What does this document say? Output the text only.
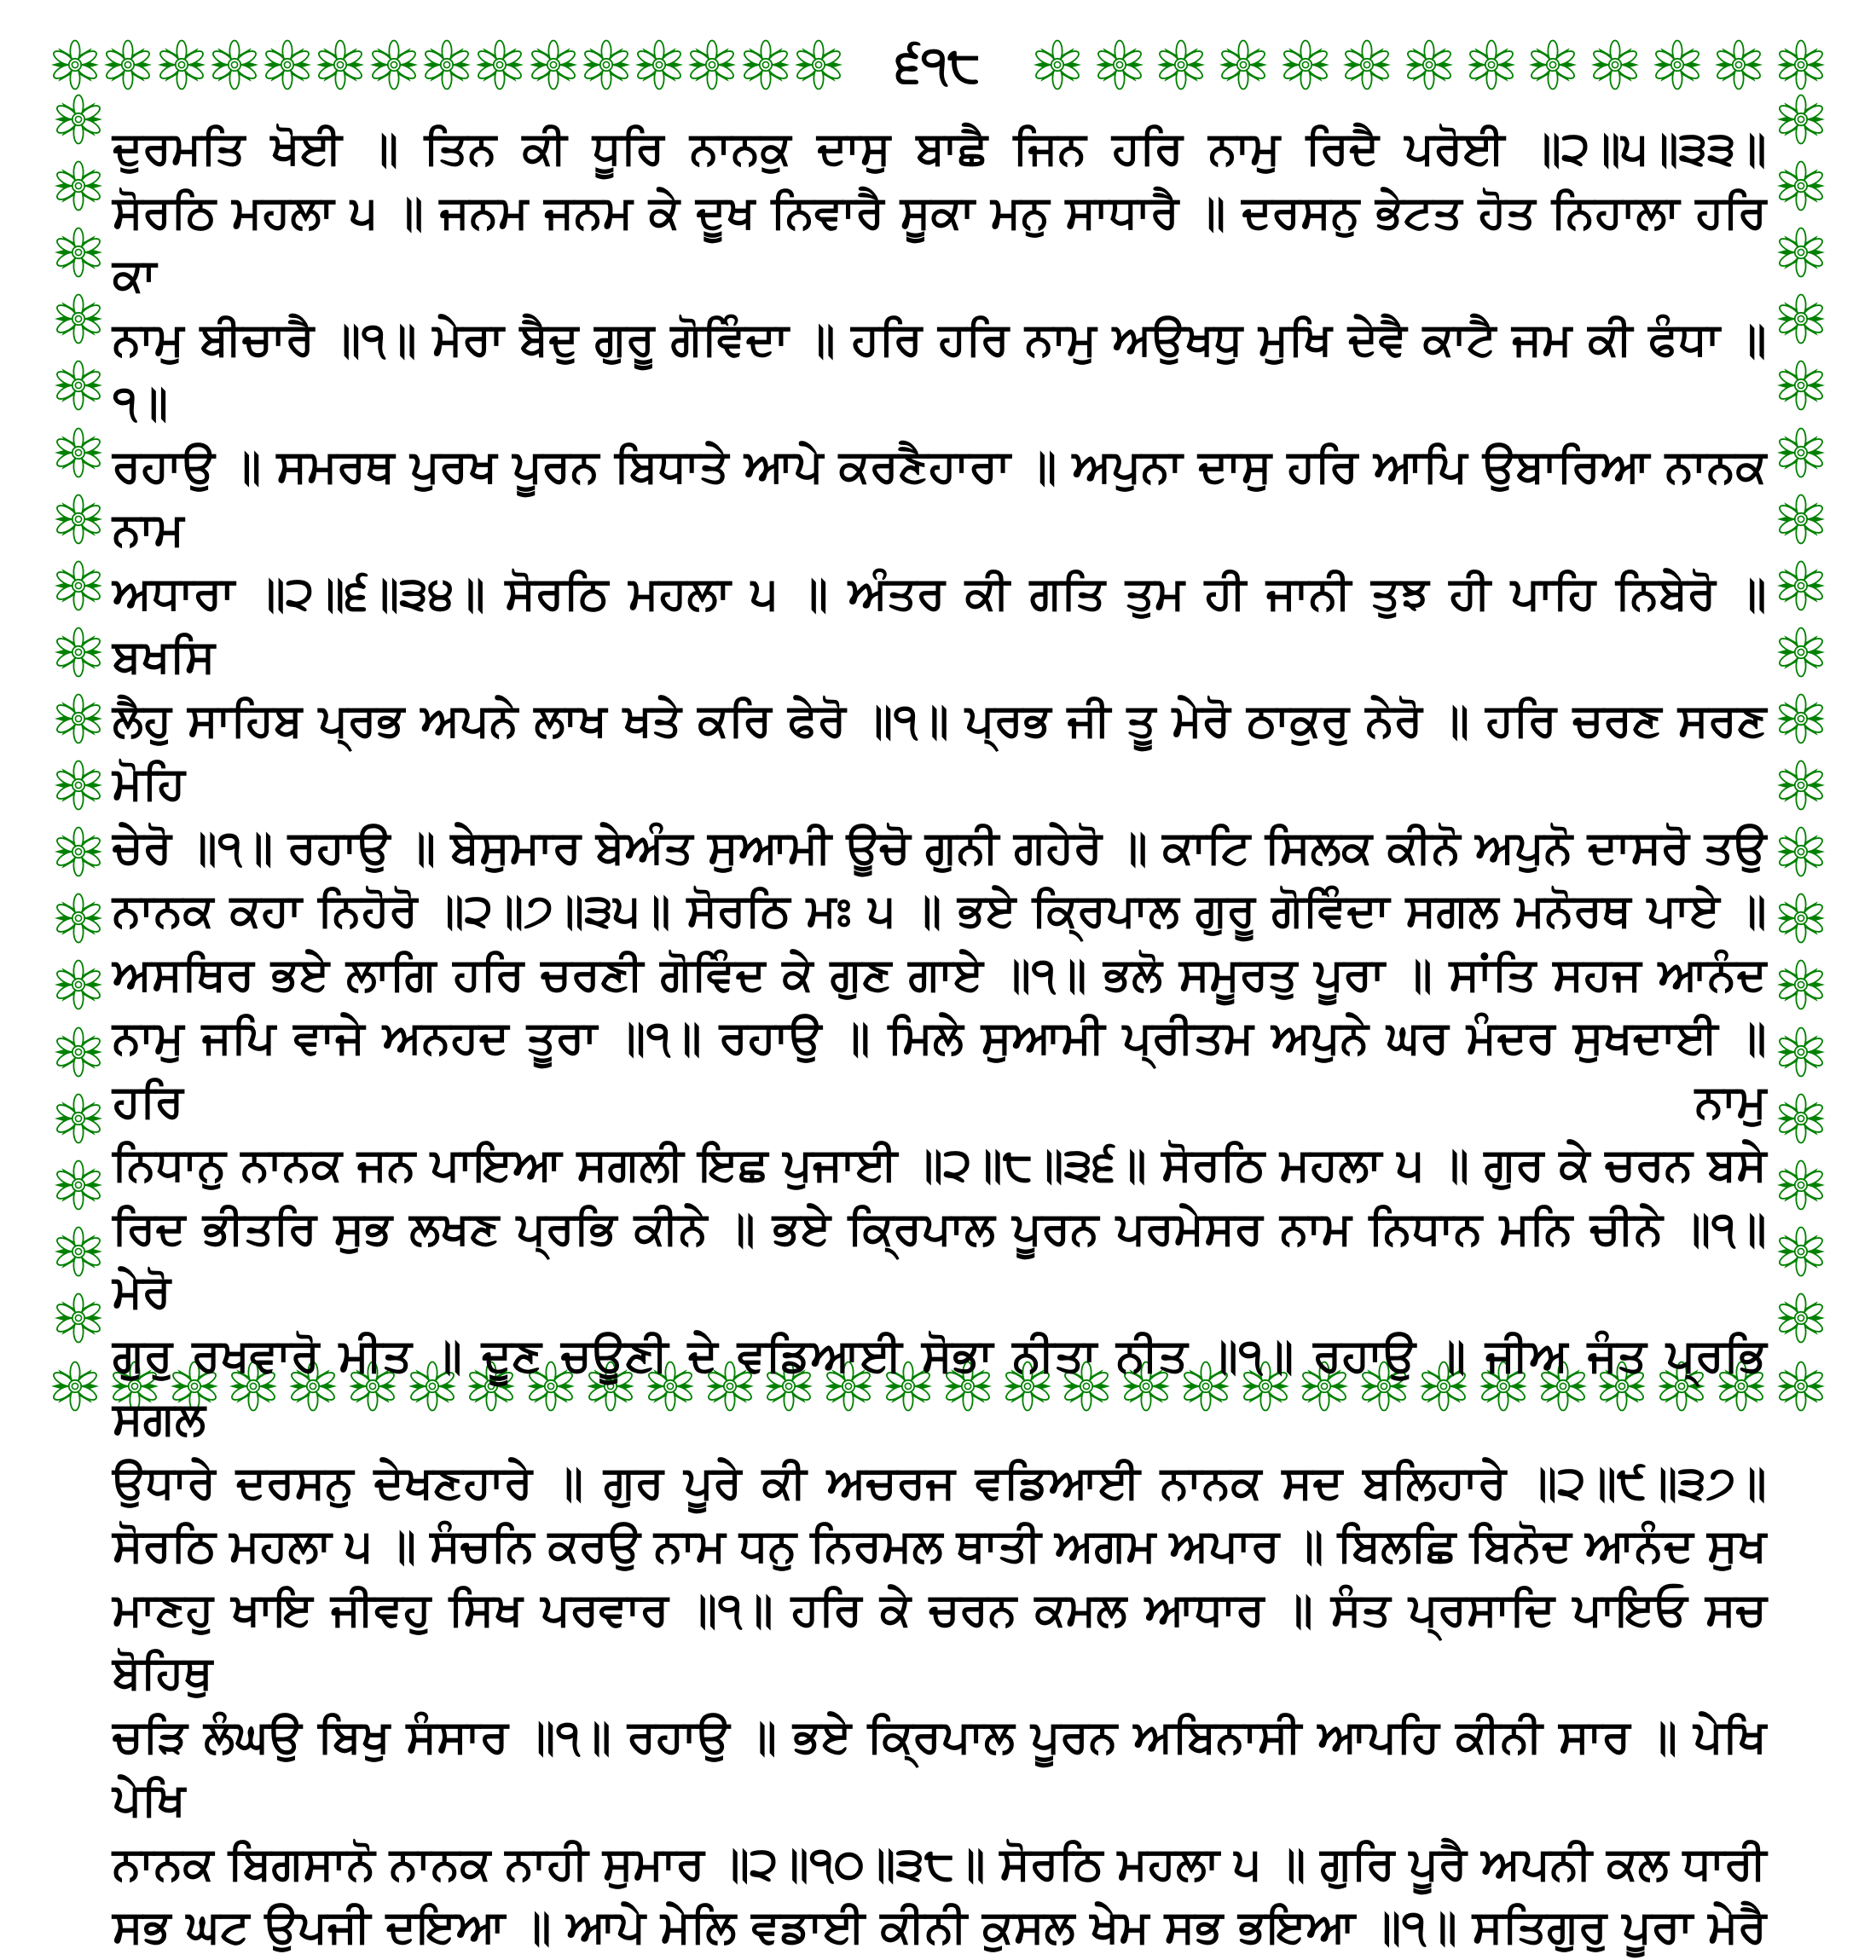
੬੧੮
ਦੁਰਮਤਿ ਖੋਈ ॥ ਤਿਨ ਕੀ ਧੂਰਿ ਨਾਨਕੁ ਦਾਸੁ ਬਾਛੈ ਜਿਨ ਹਰਿ ਨਾਮੁ ਰਿਦੈ ਪਰੋਈ ॥੨॥੫॥੩੩॥
ਸੋਰਠਿ ਮਹਲਾ ੫ ॥ ਜਨਮ ਜਨਮ ਕੇ ਦੂਖ ਨਿਵਾਰੈ ਸੂਕਾ ਮਨੁ ਸਾਧਾਰੈ ॥ ਦਰਸਨੁ ਭੇਟਤ ਹੋਤ ਨਿਹਾਲਾ ਹਰਿ ਕਾ
ਨਾਮੁ ਬੀਚਾਰੈ ॥੧॥ ਮੇਰਾ ਬੈਦੁ ਗੁਰੂ ਗੋਵਿੰਦਾ ॥ ਹਰਿ ਹਰਿ ਨਾਮੁ ਅਉਖਧੁ ਮੁਖਿ ਦੇਵੈ ਕਾਟੈ ਜਮ ਕੀ ਫੰਧਾ ॥੧॥
ਰਹਾਉ ॥ ਸਮਰਥ ਪੁਰਖ ਪੂਰਨ ਬਿਧਾਤੇ ਆਪੇ ਕਰਣੈਹਾਰਾ ॥ ਅਪੁਨਾ ਦਾਸੁ ਹਰਿ ਆਪਿ ਉਬਾਰਿਆ ਨਾਨਕ ਨਾਮ
ਅਧਾਰਾ ॥੨॥੬॥੩੪॥ ਸੋਰਠਿ ਮਹਲਾ ੫ ॥ ਅੰਤਰ ਕੀ ਗਤਿ ਤੁਮ ਹੀ ਜਾਨੀ ਤੁਝ ਹੀ ਪਾਹਿ ਨਿਬੇਰੋ ॥ ਬਖਸਿ
ਲੈਹੁ ਸਾਹਿਬ ਪ੍ਰਭ ਅਪਨੇ ਲਾਖ ਖਤੇ ਕਰਿ ਫੇਰੋ ॥੧॥ ਪ੍ਰਭ ਜੀ ਤੂ ਮੇਰੋ ਠਾਕੁਰੁ ਨੇਰੋ ॥ ਹਰਿ ਚਰਣ ਸਰਣ ਮੋਹਿ
ਚੇਰੋ ॥੧॥ ਰਹਾਉ ॥ ਬੇਸੁਮਾਰ ਬੇਅੰਤ ਸੁਆਮੀ ਊਚੋ ਗੁਨੀ ਗਹੇਰੋ ॥ ਕਾਟਿ ਸਿਲਕ ਕੀਨੋ ਅਪੁਨੋ ਦਾਸਰੋ ਤਉ
ਨਾਨਕ ਕਹਾ ਨਿਹੋਰੋ ॥੨॥੭॥੩੫॥ ਸੋਰਠਿ ਮਃ ੫ ॥ ਭਏ ਕ੍ਰਿਪਾਲ ਗੁਰੂ ਗੋਵਿੰਦਾ ਸਗਲ ਮਨੋਰਥ ਪਾਏ ॥
ਅਸਥਿਰ ਭਏ ਲਾਗਿ ਹਰਿ ਚਰਣੀ ਗੋਵਿੰਦ ਕੇ ਗੁਣ ਗਾਏ ॥੧॥ ਭਲੋ ਸਮੂਰਤੁ ਪੂਰਾ ॥ ਸਾਂਤਿ ਸਹਜ ਆਨੰਦ
ਨਾਮੁ ਜਪਿ ਵਾਜੇ ਅਨਹਦ ਤੂਰਾ ॥੧॥ ਰਹਾਉ ॥ ਮਿਲੇ ਸੁਆਮੀ ਪ੍ਰੀਤਮ ਅਪੁਨੇ ਘਰ ਮੰਦਰ ਸੁਖਦਾਈ ॥ ਹਰਿ ਨਾਮੁ
ਨਿਧਾਨੁ ਨਾਨਕ ਜਨ ਪਾਇਆ ਸਗਲੀ ਇਛ ਪੁਜਾਈ ॥੨॥੮॥੩੬॥ ਸੋਰਠਿ ਮਹਲਾ ੫ ॥ ਗੁਰ ਕੇ ਚਰਨ ਬਸੇ
ਰਿਦ ਭੀਤਰਿ ਸੁਭ ਲਖਣ ਪ੍ਰਭਿ ਕੀਨੇ ॥ ਭਏ ਕ੍ਰਿਪਾਲ ਪੂਰਨ ਪਰਮੇਸਰ ਨਾਮ ਨਿਧਾਨ ਮਨਿ ਚੀਨੇ ॥੧॥ ਮੇਰੋ
ਗੁਰੁ ਰਖਵਾਰੋ ਮੀਤ ॥ ਦੂਣ ਚਊਣੀ ਦੇ ਵਡਿਆਈ ਸੋਭਾ ਨੀਤਾ ਨੀਤ ॥੧॥ ਰਹਾਉ ॥ ਜੀਅ ਜੰਤ ਪ੍ਰਭਿ ਸਗਲ
ਉਧਾਰੇ ਦਰਸਨੁ ਦੇਖਣਹਾਰੇ ॥ ਗੁਰ ਪੂਰੇ ਕੀ ਅਚਰਜ ਵਡਿਆਈ ਨਾਨਕ ਸਦ ਬਲਿਹਾਰੇ ॥੨॥੯॥੩੭॥
ਸੋਰਠਿ ਮਹਲਾ ੫ ॥ ਸੰਚਨਿ ਕਰਉ ਨਾਮ ਧਨੁ ਨਿਰਮਲ ਥਾਤੀ ਅਗਮ ਅਪਾਰ ॥ ਬਿਲਛਿ ਬਿਨੋਦ ਆਨੰਦ ਸੁਖ
ਮਾਣਹੁ ਖਾਇ ਜੀਵਹੁ ਸਿਖ ਪਰਵਾਰ ॥੧॥ ਹਰਿ ਕੇ ਚਰਨ ਕਮਲ ਆਧਾਰ ॥ ਸੰਤ ਪ੍ਰਸਾਦਿ ਪਾਇਓ ਸਚ ਬੋਹਿਥੁ
ਚੜਿ ਲੰਘਉ ਬਿਖੁ ਸੰਸਾਰ ॥੧॥ ਰਹਾਉ ॥ ਭਏ ਕ੍ਰਿਪਾਲ ਪੂਰਨ ਅਬਿਨਾਸੀ ਆਪਹਿ ਕੀਨੀ ਸਾਰ ॥ ਪੇਖਿ ਪੇਖਿ
ਨਾਨਕ ਬਿਗਸਾਨੋ ਨਾਨਕ ਨਾਹੀ ਸੁਮਾਰ ॥੨॥੧੦॥੩੮॥ ਸੋਰਠਿ ਮਹਲਾ ੫ ॥ ਗੁਰਿ ਪੂਰੈ ਅਪਨੀ ਕਲ ਧਾਰੀ
ਸਭ ਘਟ ਉਪਜੀ ਦਇਆ ॥ ਆਪੇ ਮੇਲਿ ਵਡਾਈ ਕੀਨੀ ਕੁਸਲ ਖੇਮ ਸਭ ਭਇਆ ॥੧॥ ਸਤਿਗੁਰੁ ਪੂਰਾ ਮੇਰੈ
